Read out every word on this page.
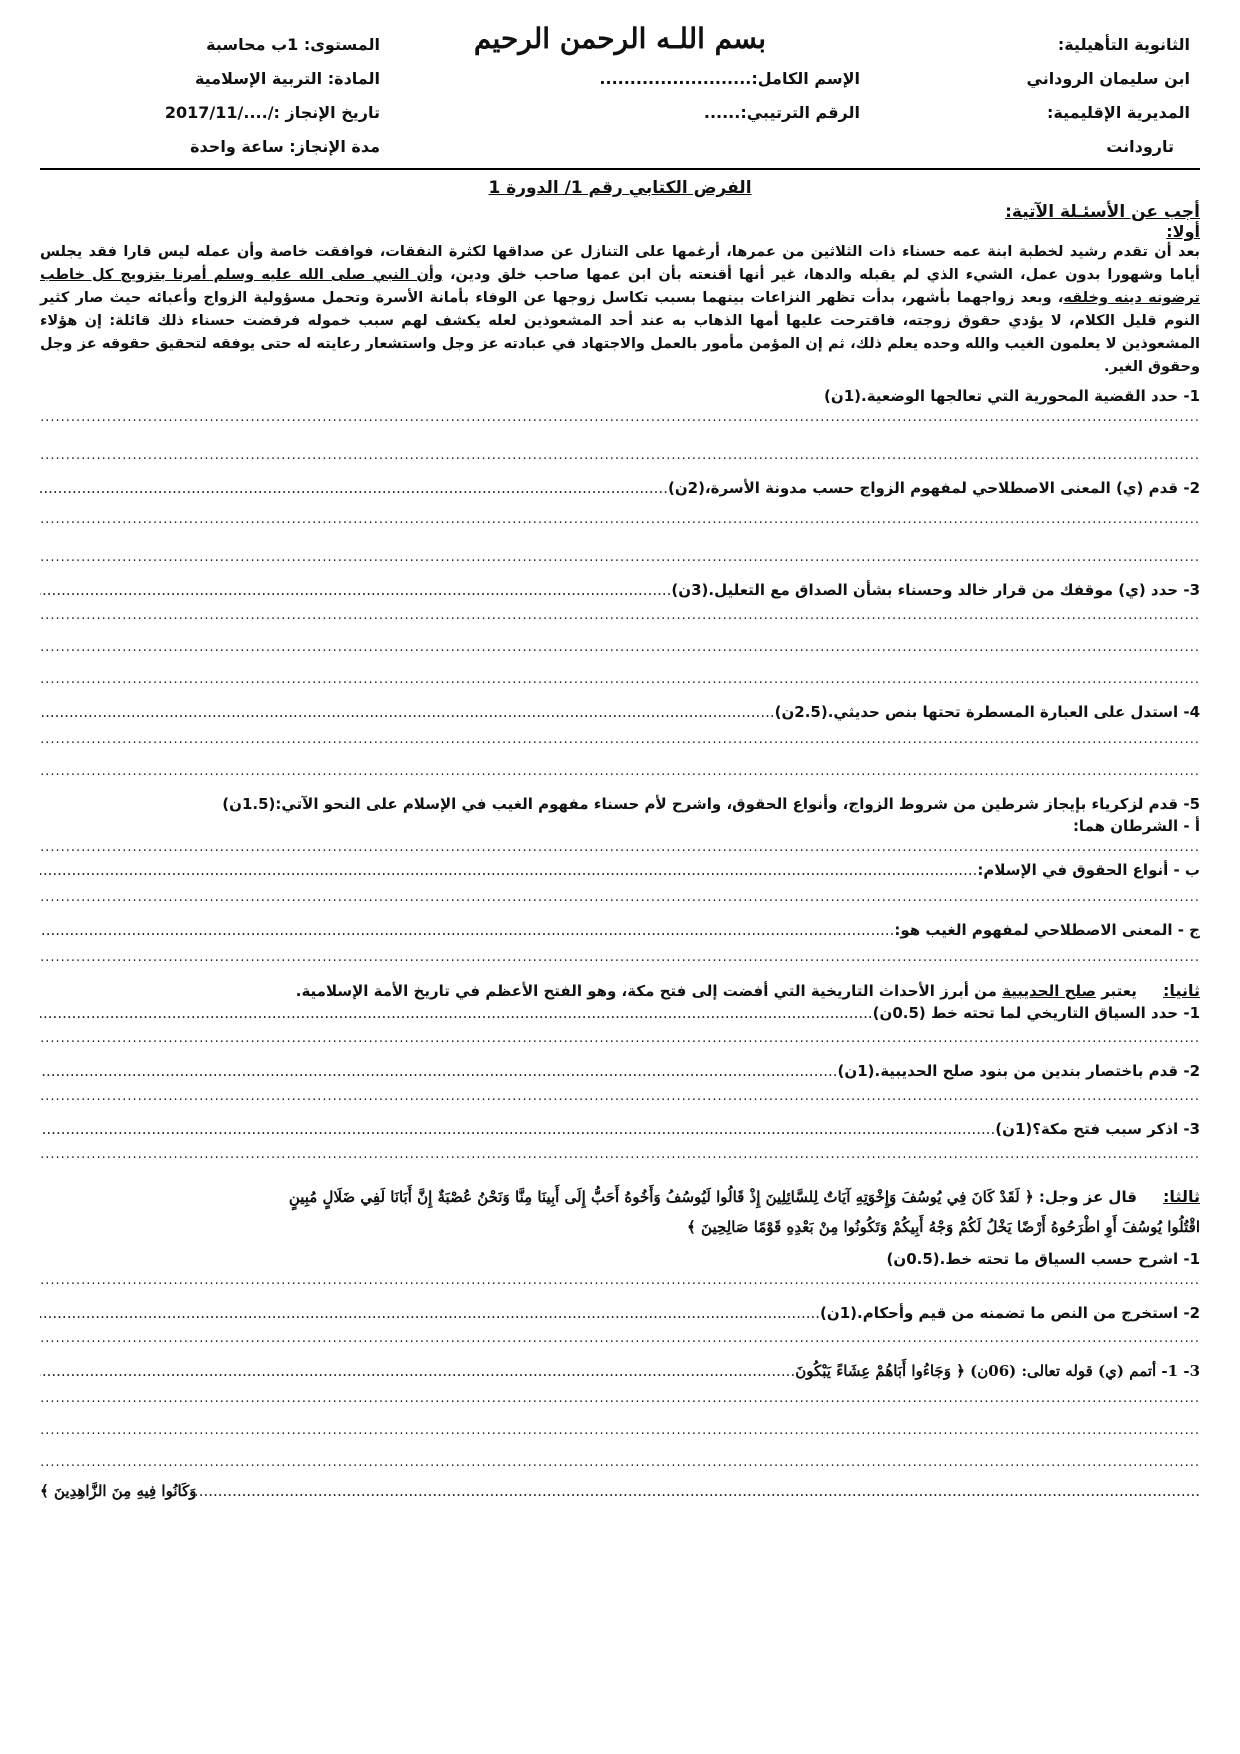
الثانوية التأهيلية:
ابن سليمان الروداني
المديرية الإقليمية:
تارودانت
بسم اللـه الرحمن الرحيم
الإسم الكامل:.........................
الرقم الترتيبي:......
المستوى: 1ب محاسبة
المادة: التربية الإسلامية
تاريخ الإنجاز :/..../2017/11
مدة الإنجاز: ساعة واحدة
الفرض الكتابي رقم 1/ الدورة 1
أجب عن الأسئـلة الآتية:
أولا:

بعد أن تقدم رشيد لخطبة ابنة عمه حسناء ذات الثلاثين من عمرها، أرغمها على التنازل عن صداقها لكثرة النفقات، فوافقت خاصة وأن عمله ليس قارا فقد يجلس أياما وشهورا بدون عمل، الشيء الذي لم يقبله والدها، غير أنها أقنعته بأن ابن عمها صاحب خلق ودين، وأن النبي صلى الله عليه وسلم أمرنا بتزويج كل خاطب ترضونه دينه وخلقه، وبعد زواجهما بأشهر، بدأت تظهر النزاعات بينهما بسبب تكاسل زوجها عن الوفاء بأمانة الأسرة وتحمل مسؤولية الزواج وأعبائه حيث صار كثير النوم قليل الكلام، لا يؤدي حقوق زوجته، فاقترحت عليها أمها الذهاب به عند أحد المشعوذين لعله يكشف لهم سبب خموله فرفضت حسناء ذلك قائلة: إن هؤلاء المشعوذين لا يعلمون الغيب والله وحده يعلم ذلك، ثم إن المؤمن مأمور بالعمل والاجتهاد في عبادته عز وجل واستشعار رعايته له حتى يوفقه لتحقيق حقوقه عز وجل وحقوق الغير.

1- حدد القضية المحورية التي تعالجها الوضعية.(1ن)
.....
.....
2- قدم (ي) المعنى الاصطلاحي لمفهوم الزواج حسب مدونة الأسرة،(2ن)
.....
.....
.....
3- حدد (ي) موقفك من قرار خالد وحسناء بشأن الصداق مع التعليل.(3ن)
.....
.....
.....
.....
4- استدل على العبارة المسطرة تحتها بنص حديثي.(2.5ن)
.....
.....
.....
5- قدم لزكرياء بإيجاز شرطين من شروط الزواج، وأنواع الحقوق، واشرح لأم حسناء مفهوم الغيب في الإسلام على النحو الآتي:(1.5ن)
أ - الشرطان هما:
.....
ب - أنواع الحقوق في الإسلام:
.....
.....
ج - المعنى الاصطلاحي لمفهوم الغيب هو:
.....
.....
ثانيا:     يعتبر صلح الحديبية من أبرز الأحداث التاريخية التي أفضت إلى فتح مكة، وهو الفتح الأعظم في تاريخ الأمة الإسلامية.
1- حدد السياق التاريخي لما تحته خط (0.5ن)
.....
.....
2- قدم باختصار بندين من بنود صلح الحديبية.(1ن)
.....
.....
3- اذكر سبب فتح مكة؟(1ن)
.....
.....
ثالثا:     قال عز وجل: ﴿ لَقَدْ كَانَ فِي يُوسُفَ وَإِخْوَتِهِ آيَاتٌ لِلسَّائِلِينَ إِذْ قَالُوا لَيُوسُفُ وَأَخُوهُ أَحَبُّ إِلَى أَبِينَا مِنَّا وَنَحْنُ عُصْبَةٌ إِنَّ أَبَانَا لَفِي ضَلَالٍ مُبِينٍ
اقْتُلُوا يُوسُفَ أَوِ اطْرَحُوهُ أَرْضًا يَخْلُ لَكُمْ وَجْهُ أَبِيكُمْ وَتَكُونُوا مِنْ بَعْدِهِ قَوْمًا صَالِحِينَ ﴾
1- اشرح حسب السياق ما تحته خط.(0.5ن)
.....
2- استخرج من النص ما تضمنه من قيم وأحكام.(1ن)
.....
.....
3- 1- أتمم (ي) قوله تعالى: (06ن) ﴿ وَجَاءُوا أَبَاهُمْ عِشَاءً يَبْكُونَ
.....
.....
.....
.....
.....
وَكَانُوا فِيهِ مِنَ الزَّاهِدِينَ ﴾
